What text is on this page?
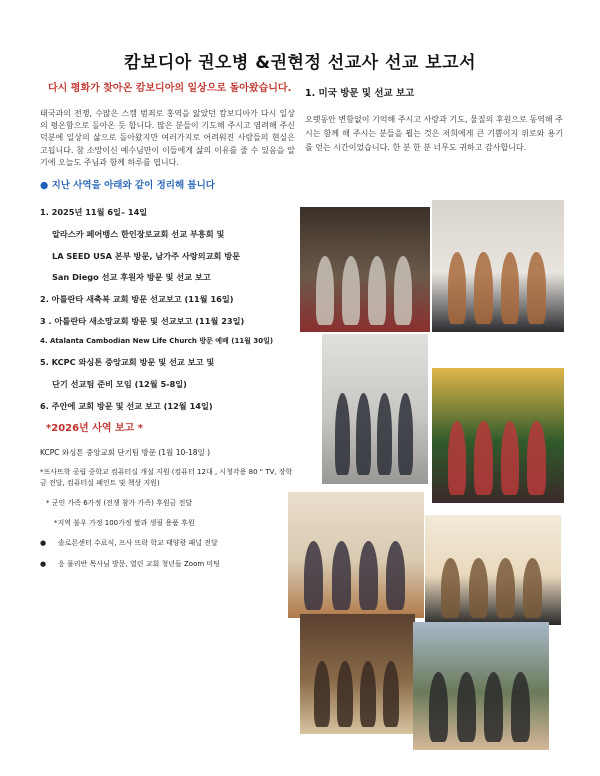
캄보디아 권오병 &권현정 선교사 선교 보고서
다시 평화가 찾아온 캄보디아의 일상으로 돌아왔습니다.
태국과의 전쟁, 수많은 스캠 범죄로 홍역을 앓았던 캄보디아가 다시 일상의 평온함으로 돌아온 듯 합니다. 많은 분들이 기도해 주시고 염려해 주신 덕분에 일상의 삶으로 돌아왔지만 여러가지로 어려워진 사람들의 현실은 고됩니다. 참 소망이신 예수님만이 이들에게 삶의 이유를 줄 수 있음을 알기에 오늘도 주님과 함께 하루를 엽니다.
● 지난 사역을 아래와 같이 정리해 봅니다
1. 2025년 11월 6일– 14일
알라스카 페어뱅스 한인장로교회 선교 부흥회 및
LA SEED USA 본부 방문, 남가주 사랑의교회 방문
San Diego 선교 후원자 방문 및 선교 보고
2. 아틀란타 새축복 교회 방문 선교보고 (11월 16일)
3 . 아틀란타 새소망교회 방문 및 선교보고 (11월 23일)
4. Atalanta Cambodian New Life Church 방문 예배 (11월 30일)
5. KCPC 와싱톤 중앙교회 방문 및 선교 보고 및
단기 선교팀 준비 모임 (12월 5-8일)
6. 주안에 교회 방문 및 선교 보고 (12월 14일)
*2026년 사역 보고 *
KCPC 와싱톤 중앙교회 단기팀 방문 (1월 10-18일 )
*프사뜨학 공립 중학교 컴퓨터실 개설 지원 (컴퓨터 12대 , 시청각용 80 " TV, 장학금 전달, 컴퓨터실 페인트 및 책상 지원)
* 군인 가족 6가정 (전쟁 참가 가족) 후원금 전달
*지역 불우 가정 100가정 쌀과 생필 용품 후원
●	솔로몬센터 수료식, 프사 뜨락 학교 태양광 패널 전달
●	응 물리반 목사님 방문, 열린 교회 청년들 Zoom 미팅
1. 미국 방문 및 선교 보고
오랫동안 변함없이 기억해 주시고 사랑과 기도, 물질의 후원으로 동역해 주시는 함께 해 주시는 분들을 뵙는 것은 저희에게 큰 기쁨이지 위로와 용기를 얻는 시간이었습니다. 한 분 한 분 너무도 귀하고 감사합니다.
